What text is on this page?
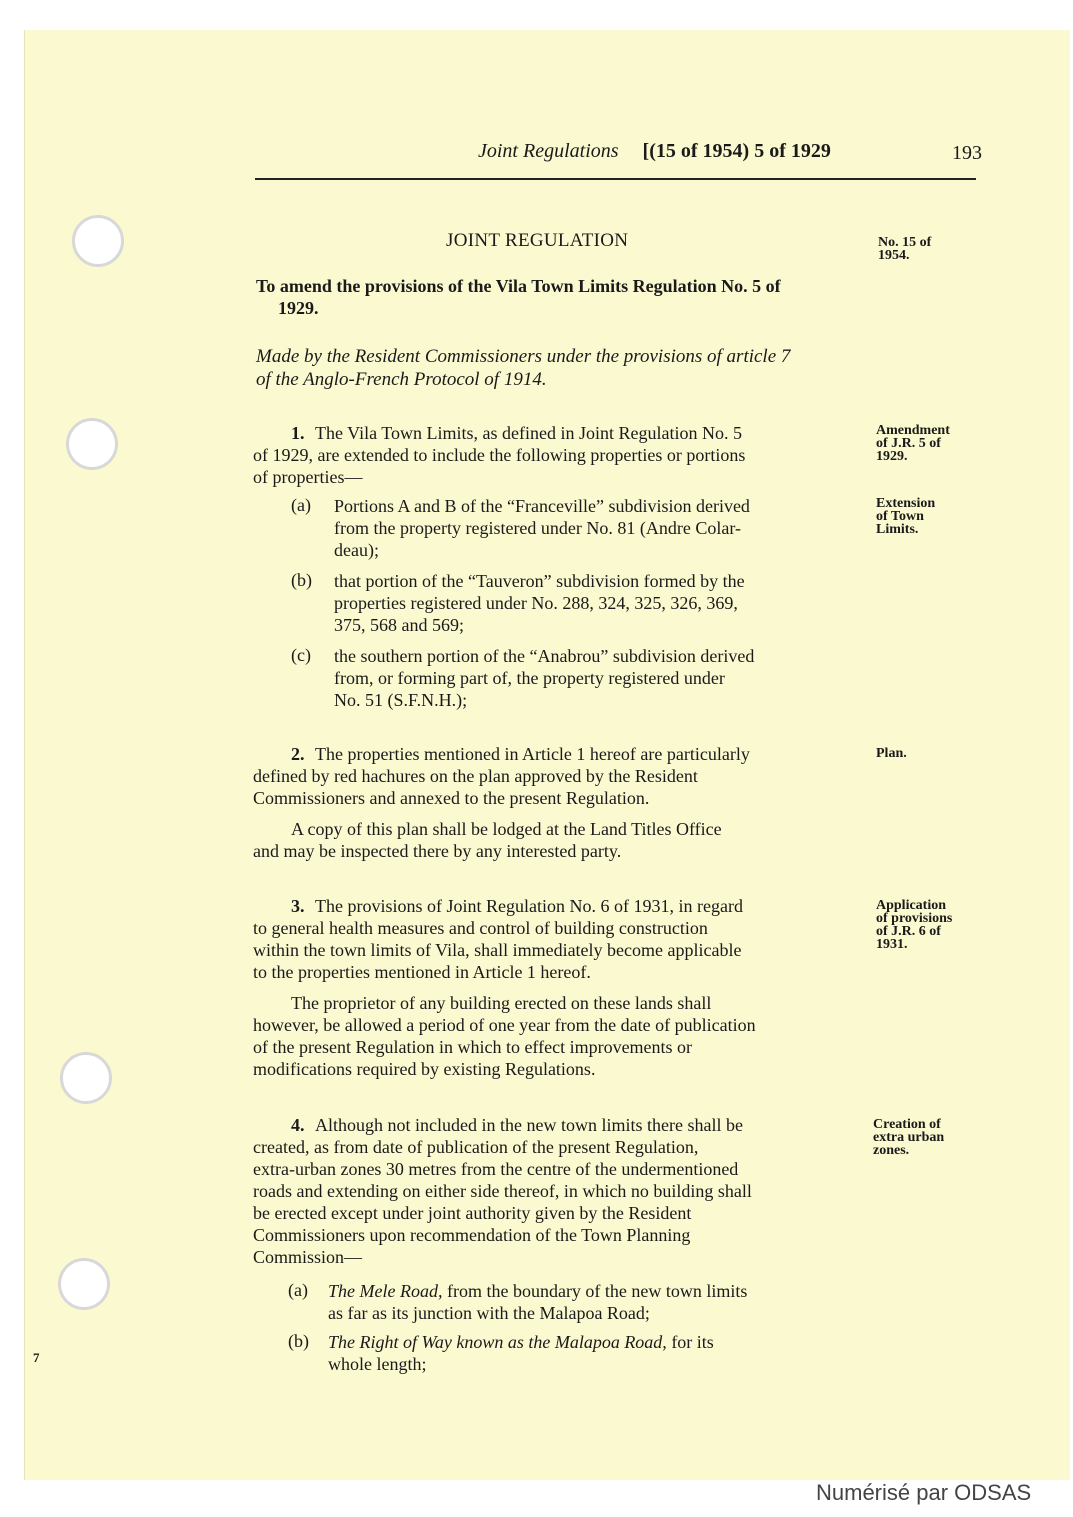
Joint Regulations [(15 of 1954) 5 of 1929	193
JOINT REGULATION	No. 15 of
1954.
To amend the provisions of the Vila Town Limits Regulation No. 5 of
1929.
Made by the Resident Commissioners under the provisions of article 7
of the Anglo-French Protocol of 1914.
1. The Vila Town Limits, as defined in Joint Regulation No. 5
of 1929, are extended to include the following properties or portions
of properties—
Amendment
of J.R. 5 of
1929.
Extension
of Town
Limits.
(a) Portions A and B of the “Franceville” subdivision derived
from the property registered under No. 81 (Andre Colar-
deau);
(b) that portion of the “Tauveron” subdivision formed by the
properties registered under No. 288, 324, 325, 326, 369,
375, 568 and 569;
(c) the southern portion of the “Anabrou” subdivision derived
from, or forming part of, the property registered under
No. 51 (S.F.N.H.);
2. The properties mentioned in Article 1 hereof are particularly
defined by red hachures on the plan approved by the Resident
Commissioners and annexed to the present Regulation.
A copy of this plan shall be lodged at the Land Titles Office
and may be inspected there by any interested party.
Plan.
3. The provisions of Joint Regulation No. 6 of 1931, in regard
to general health measures and control of building construction
within the town limits of Vila, shall immediately become applicable
to the properties mentioned in Article 1 hereof.
The proprietor of any building erected on these lands shall
however, be allowed a period of one year from the date of publication
of the present Regulation in which to effect improvements or
modifications required by existing Regulations.
Application
of provisions
of J.R. 6 of
1931.
4. Although not included in the new town limits there shall be
created, as from date of publication of the present Regulation,
extra-urban zones 30 metres from the centre of the undermentioned
roads and extending on either side thereof, in which no building shall
be erected except under joint authority given by the Resident
Commissioners upon recommendation of the Town Planning
Commission—
Creation of
extra urban
zones.
(a) The Mele Road, from the boundary of the new town limits
as far as its junction with the Malapoa Road;
(b) The Right of Way known as the Malapoa Road, for its
whole length;
7
Numérisé par ODSAS
